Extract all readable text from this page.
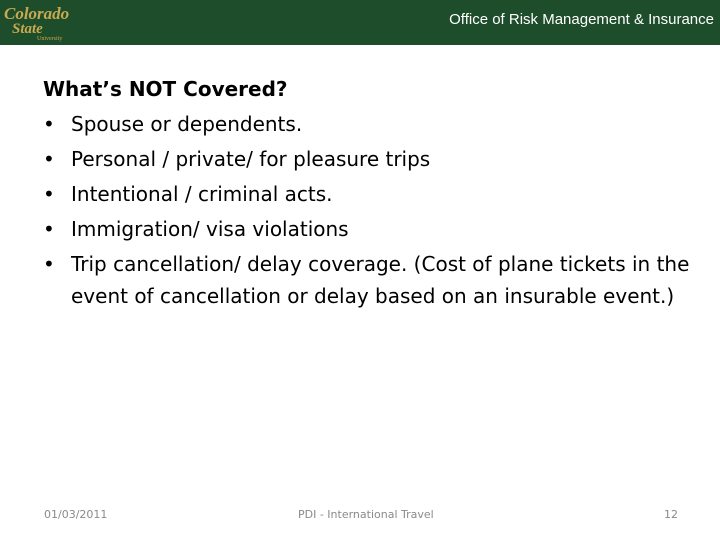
Colorado
State
University
Office of Risk Management & Insurance
What’s NOT Covered?
• Spouse or dependents.
• Personal / private/ for pleasure trips
• Intentional / criminal acts.
• Immigration/ visa violations
• Trip cancellation/ delay coverage. (Cost of plane tickets in the event of cancellation or delay based on an insurable event.)
01/03/2011	PDI - International Travel	12
